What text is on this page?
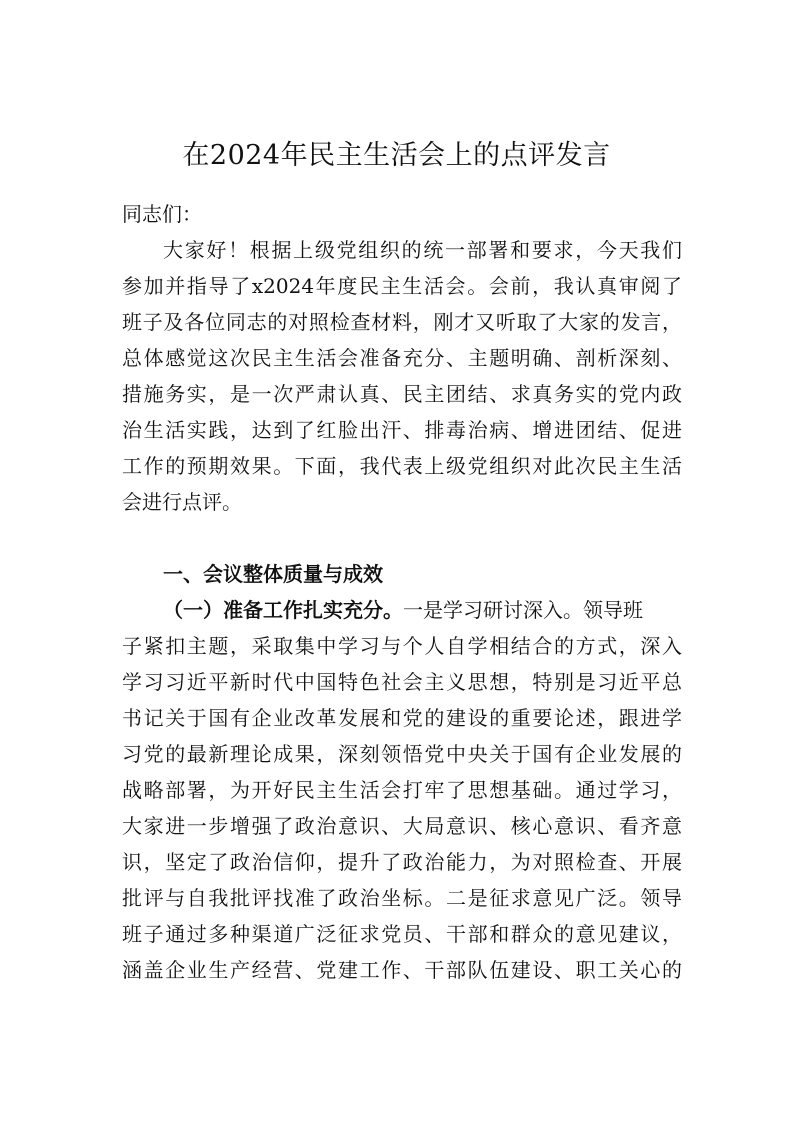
在2024年民主生活会上的点评发言

同志们：

大家好！根据上级党组织的统一部署和要求，今天我们

参加并指导了x2024年度民主生活会。会前，我认真审阅了

班子及各位同志的对照检查材料，刚才又听取了大家的发言，

总体感觉这次民主生活会准备充分、主题明确、剖析深刻、

措施务实，是一次严肃认真、民主团结、求真务实的党内政

治生活实践，达到了红脸出汗、排毒治病、增进团结、促进

工作的预期效果。下面，我代表上级党组织对此次民主生活

会进行点评。

一、会议整体质量与成效

（一）准备工作扎实充分。一是学习研讨深入。领导班

子紧扣主题，采取集中学习与个人自学相结合的方式，深入

学习习近平新时代中国特色社会主义思想，特别是习近平总

书记关于国有企业改革发展和党的建设的重要论述，跟进学

习党的最新理论成果，深刻领悟党中央关于国有企业发展的

战略部署，为开好民主生活会打牢了思想基础。通过学习，

大家进一步增强了政治意识、大局意识、核心意识、看齐意

识，坚定了政治信仰，提升了政治能力，为对照检查、开展

批评与自我批评找准了政治坐标。二是征求意见广泛。领导

班子通过多种渠道广泛征求党员、干部和群众的意见建议，

涵盖企业生产经营、党建工作、干部队伍建设、职工关心的
